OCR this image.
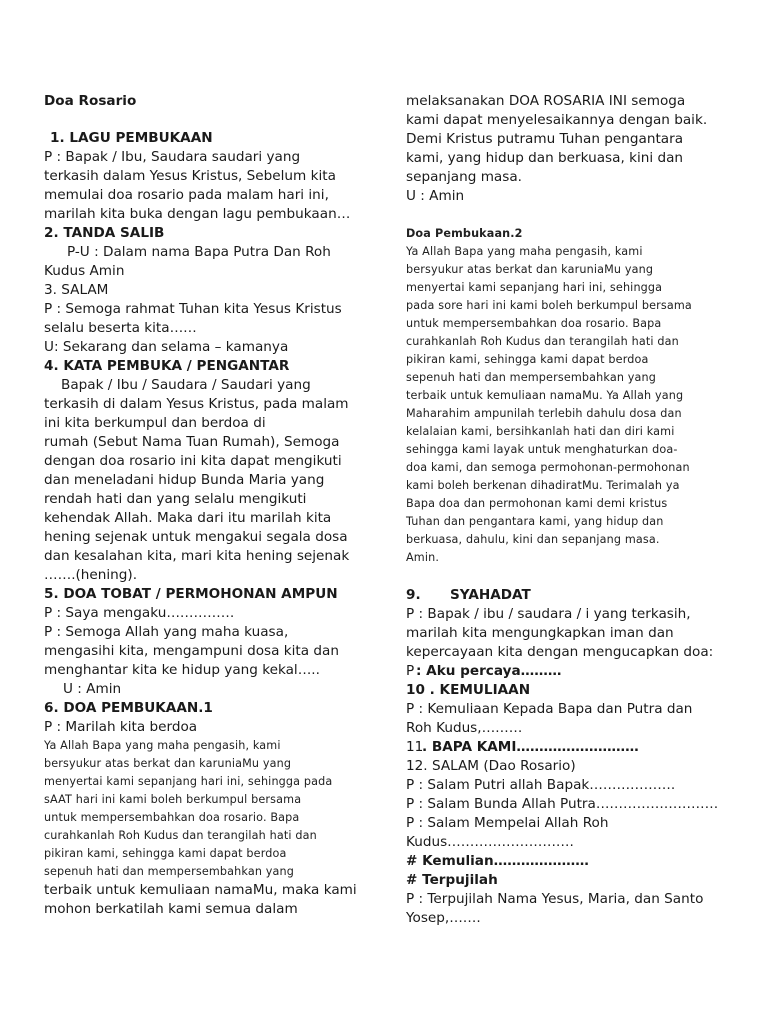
Doa Rosario
1. LAGU PEMBUKAAN
P : Bapak / Ibu, Saudara saudari yang
terkasih dalam Yesus Kristus, Sebelum kita
memulai doa rosario pada malam hari ini,
marilah kita buka dengan lagu pembukaan…
2. TANDA SALIB
P-U : Dalam nama Bapa Putra Dan Roh
Kudus Amin
3. SALAM
P : Semoga rahmat Tuhan kita Yesus Kristus
selalu beserta kita……
U: Sekarang dan selama – kamanya
4. KATA PEMBUKA / PENGANTAR
Bapak / Ibu / Saudara / Saudari yang
terkasih di dalam Yesus Kristus, pada malam
ini kita berkumpul dan berdoa di
rumah (Sebut Nama Tuan Rumah), Semoga
dengan doa rosario ini kita dapat mengikuti
dan meneladani hidup Bunda Maria yang
rendah hati dan yang selalu mengikuti
kehendak Allah. Maka dari itu marilah kita
hening sejenak untuk mengakui segala dosa
dan kesalahan kita, mari kita hening sejenak
…….(hening).
5. DOA TOBAT / PERMOHONAN AMPUN
P : Saya mengaku……………
P : Semoga Allah yang maha kuasa,
mengasihi kita, mengampuni dosa kita dan
menghantar kita ke hidup yang kekal…..
U : Amin
6. DOA PEMBUKAAN.1
P : Marilah kita berdoa
Ya Allah Bapa yang maha pengasih, kami
bersyukur atas berkat dan karuniaMu yang
menyertai kami sepanjang hari ini, sehingga pada
sAAT hari ini kami boleh berkumpul bersama
untuk mempersembahkan doa rosario. Bapa
curahkanlah Roh Kudus dan terangilah hati dan
pikiran kami, sehingga kami dapat berdoa
sepenuh hati dan mempersembahkan yang
terbaik untuk kemuliaan namaMu, maka kami
mohon berkatilah kami semua dalam
melaksanakan DOA ROSARIA INI semoga
kami dapat menyelesaikannya dengan baik.
Demi Kristus putramu Tuhan pengantara
kami, yang hidup dan berkuasa, kini dan
sepanjang masa.
U : Amin
Doa Pembukaan.2
Ya Allah Bapa yang maha pengasih, kami
bersyukur atas berkat dan karuniaMu yang
menyertai kami sepanjang hari ini, sehingga
pada sore hari ini kami boleh berkumpul bersama
untuk mempersembahkan doa rosario. Bapa
curahkanlah Roh Kudus dan terangilah hati dan
pikiran kami, sehingga kami dapat berdoa
sepenuh hati dan mempersembahkan yang
terbaik untuk kemuliaan namaMu. Ya Allah yang
Maharahim ampunilah terlebih dahulu dosa dan
kelalaian kami, bersihkanlah hati dan diri kami
sehingga kami layak untuk menghaturkan doa-
doa kami, dan semoga permohonan-permohonan
kami boleh berkenan dihadiratMu. Terimalah ya
Bapa doa dan permohonan kami demi kristus
Tuhan dan pengantara kami, yang hidup dan
berkuasa, dahulu, kini dan sepanjang masa.
Amin.
9. SYAHADAT
P : Bapak / ibu / saudara / i yang terkasih,
marilah kita mengungkapkan iman dan
kepercayaan kita dengan mengucapkan doa:
P : Aku percaya………
10 . KEMULIAAN
P : Kemuliaan Kepada Bapa dan Putra dan
Roh Kudus,………
11
. BAPA KAMI………………………
12. SALAM (Dao Rosario)
P : Salam Putri allah Bapak……………….
P : Salam Bunda Allah Putra………………………
P : Salam Mempelai Allah Roh
Kudus……………………….
# Kemulian…………………
# Terpujilah
P : Terpujilah Nama Yesus, Maria, dan Santo
Yosep,…….
